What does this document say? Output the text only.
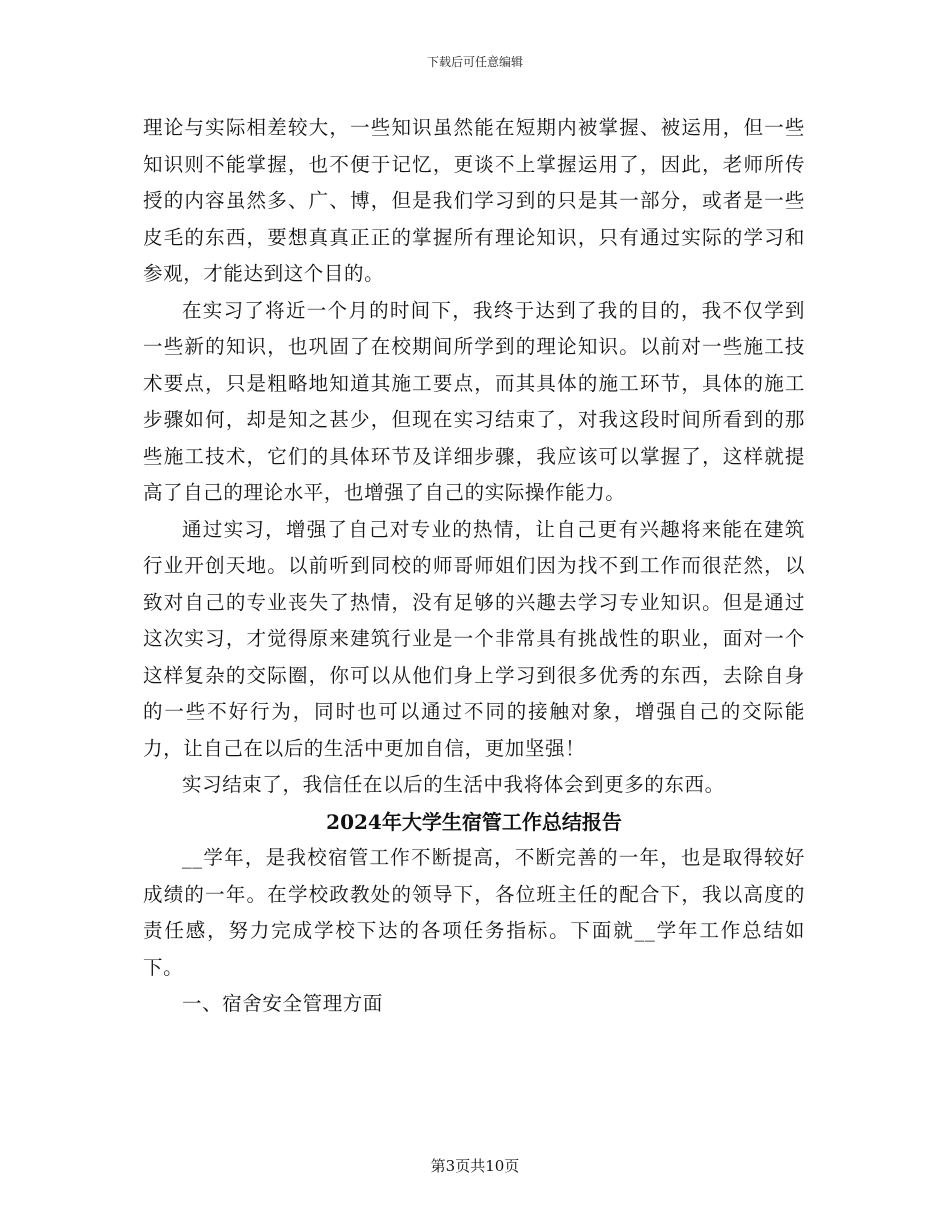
下载后可任意编辑

理论与实际相差较大，一些知识虽然能在短期内被掌握、被运用，但一些知识则不能掌握，也不便于记忆，更谈不上掌握运用了，因此，老师所传授的内容虽然多、广、博，但是我们学习到的只是其一部分，或者是一些皮毛的东西，要想真真正正的掌握所有理论知识，只有通过实际的学习和参观，才能达到这个目的。

在实习了将近一个月的时间下，我终于达到了我的目的，我不仅学到一些新的知识，也巩固了在校期间所学到的理论知识。以前对一些施工技术要点，只是粗略地知道其施工要点，而其具体的施工环节，具体的施工步骤如何，却是知之甚少，但现在实习结束了，对我这段时间所看到的那些施工技术，它们的具体环节及详细步骤，我应该可以掌握了，这样就提高了自己的理论水平，也增强了自己的实际操作能力。

通过实习，增强了自己对专业的热情，让自己更有兴趣将来能在建筑行业开创天地。以前听到同校的师哥师姐们因为找不到工作而很茫然，以致对自己的专业丧失了热情，没有足够的兴趣去学习专业知识。但是通过这次实习，才觉得原来建筑行业是一个非常具有挑战性的职业，面对一个这样复杂的交际圈，你可以从他们身上学习到很多优秀的东西，去除自身的一些不好行为，同时也可以通过不同的接触对象，增强自己的交际能力，让自己在以后的生活中更加自信，更加坚强！

实习结束了，我信任在以后的生活中我将体会到更多的东西。

2024年大学生宿管工作总结报告

__学年，是我校宿管工作不断提高，不断完善的一年，也是取得较好成绩的一年。在学校政教处的领导下，各位班主任的配合下，我以高度的责任感，努力完成学校下达的各项任务指标。下面就__学年工作总结如下。

一、宿舍安全管理方面

第3页共10页
